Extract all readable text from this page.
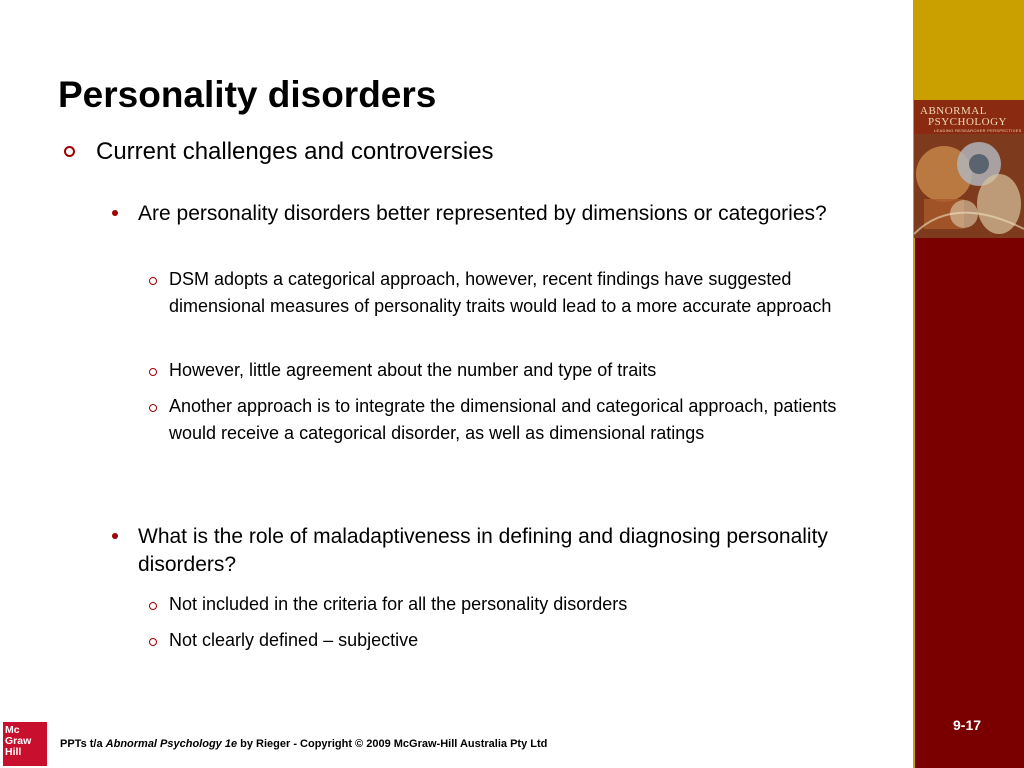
ABNORMAL
PSYCHOLOGY
LEADING RESEARCHER PERSPECTIVES
Personality disorders
Current challenges and controversies
Are personality disorders better represented by dimensions or categories?
DSM adopts a categorical approach, however, recent findings have suggested dimensional measures of personality traits would lead to a more accurate approach
However, little agreement about the number and type of traits
Another approach is to integrate the dimensional and categorical approach, patients would receive a categorical disorder, as well as dimensional ratings
What is the role of maladaptiveness in defining and diagnosing personality disorders?
Not included in the criteria for all the personality disorders
Not clearly defined – subjective
9-17
Mc
Graw
Hill
PPTs t/a Abnormal Psychology 1e by Rieger - Copyright © 2009 McGraw-Hill Australia Pty Ltd
